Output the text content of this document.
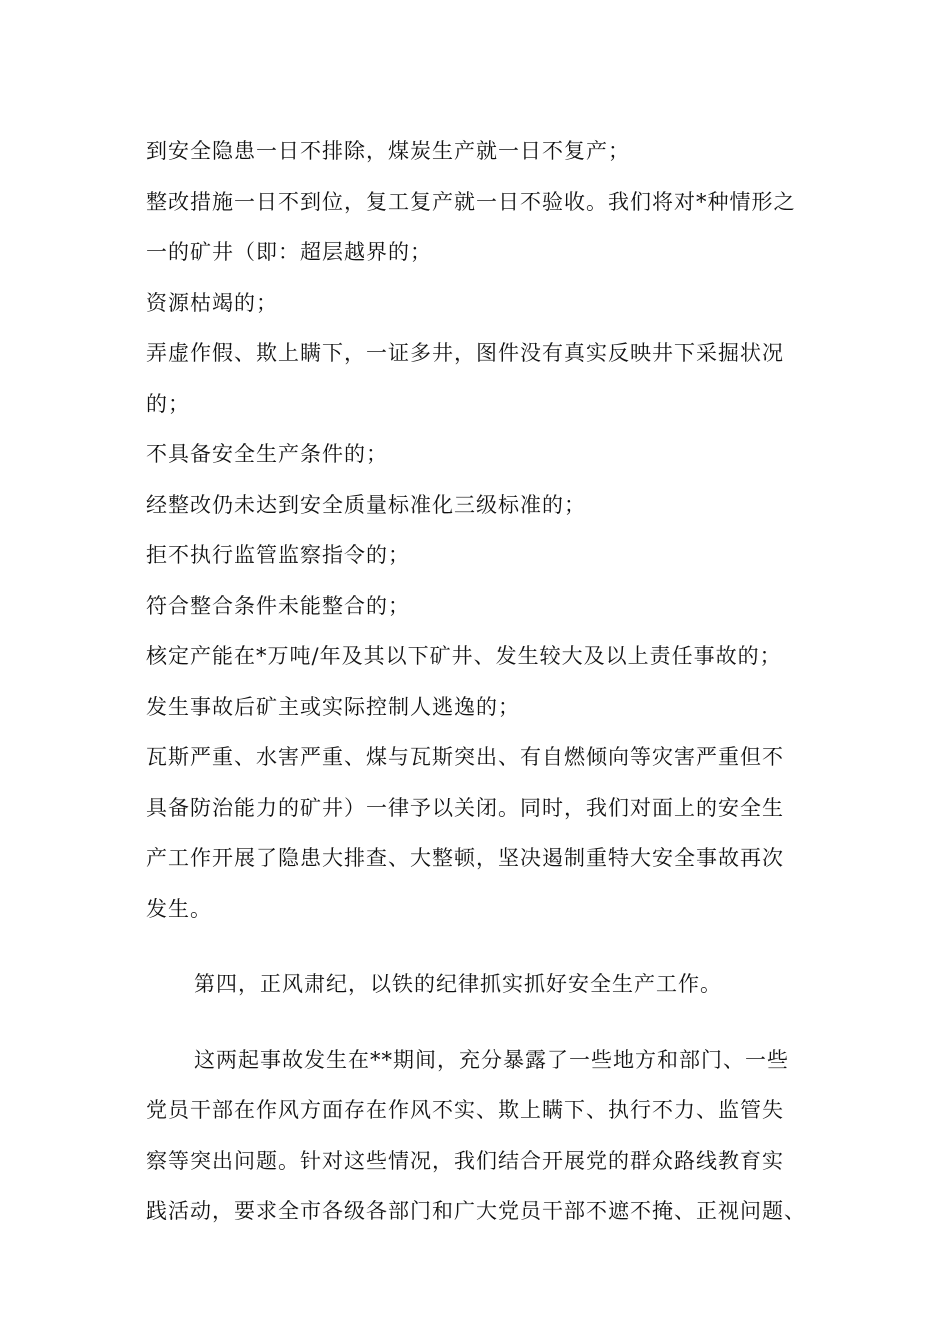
到安全隐患一日不排除，煤炭生产就一日不复产；
整改措施一日不到位，复工复产就一日不验收。我们将对*种情形之
一的矿井（即：超层越界的；
资源枯竭的；
弄虚作假、欺上瞒下，一证多井，图件没有真实反映井下采掘状况
的；
不具备安全生产条件的；
经整改仍未达到安全质量标准化三级标准的；
拒不执行监管监察指令的；
符合整合条件未能整合的；
核定产能在*万吨/年及其以下矿井、发生较大及以上责任事故的；
发生事故后矿主或实际控制人逃逸的；
瓦斯严重、水害严重、煤与瓦斯突出、有自燃倾向等灾害严重但不
具备防治能力的矿井）一律予以关闭。同时，我们对面上的安全生
产工作开展了隐患大排查、大整顿，坚决遏制重特大安全事故再次
发生。
第四，正风肃纪，以铁的纪律抓实抓好安全生产工作。
这两起事故发生在**期间，充分暴露了一些地方和部门、一些
党员干部在作风方面存在作风不实、欺上瞒下、执行不力、监管失
察等突出问题。针对这些情况，我们结合开展党的群众路线教育实
践活动，要求全市各级各部门和广大党员干部不遮不掩、正视问题、
